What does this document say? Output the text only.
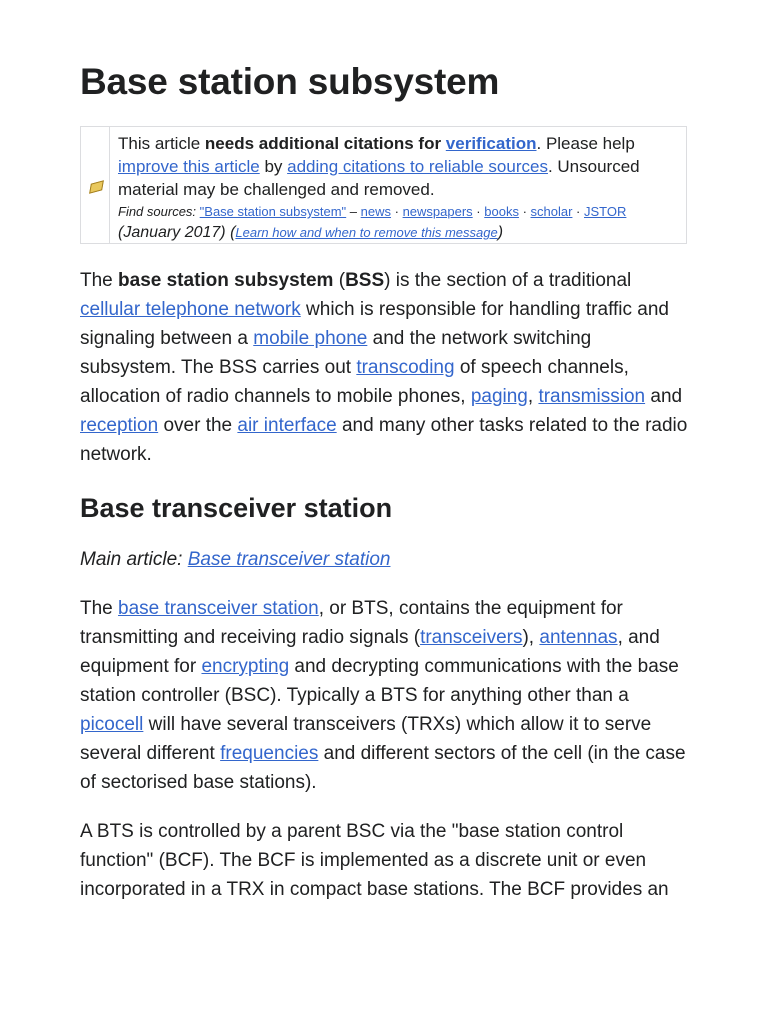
Base station subsystem
This article needs additional citations for verification. Please help improve this article by adding citations to reliable sources. Unsourced material may be challenged and removed.
Find sources: "Base station subsystem" – news · newspapers · books · scholar · JSTOR (January 2017) (Learn how and when to remove this message)

The base station subsystem (BSS) is the section of a traditional cellular telephone network which is responsible for handling traffic and signaling between a mobile phone and the network switching subsystem. The BSS carries out transcoding of speech channels, allocation of radio channels to mobile phones, paging, transmission and reception over the air interface and many other tasks related to the radio network.

Base transceiver station

Main article: Base transceiver station

The base transceiver station, or BTS, contains the equipment for transmitting and receiving radio signals (transceivers), antennas, and equipment for encrypting and decrypting communications with the base station controller (BSC). Typically a BTS for anything other than a picocell will have several transceivers (TRXs) which allow it to serve several different frequencies and different sectors of the cell (in the case of sectorised base stations).

A BTS is controlled by a parent BSC via the "base station control function" (BCF). The BCF is implemented as a discrete unit or even incorporated in a TRX in compact base stations. The BCF provides an
